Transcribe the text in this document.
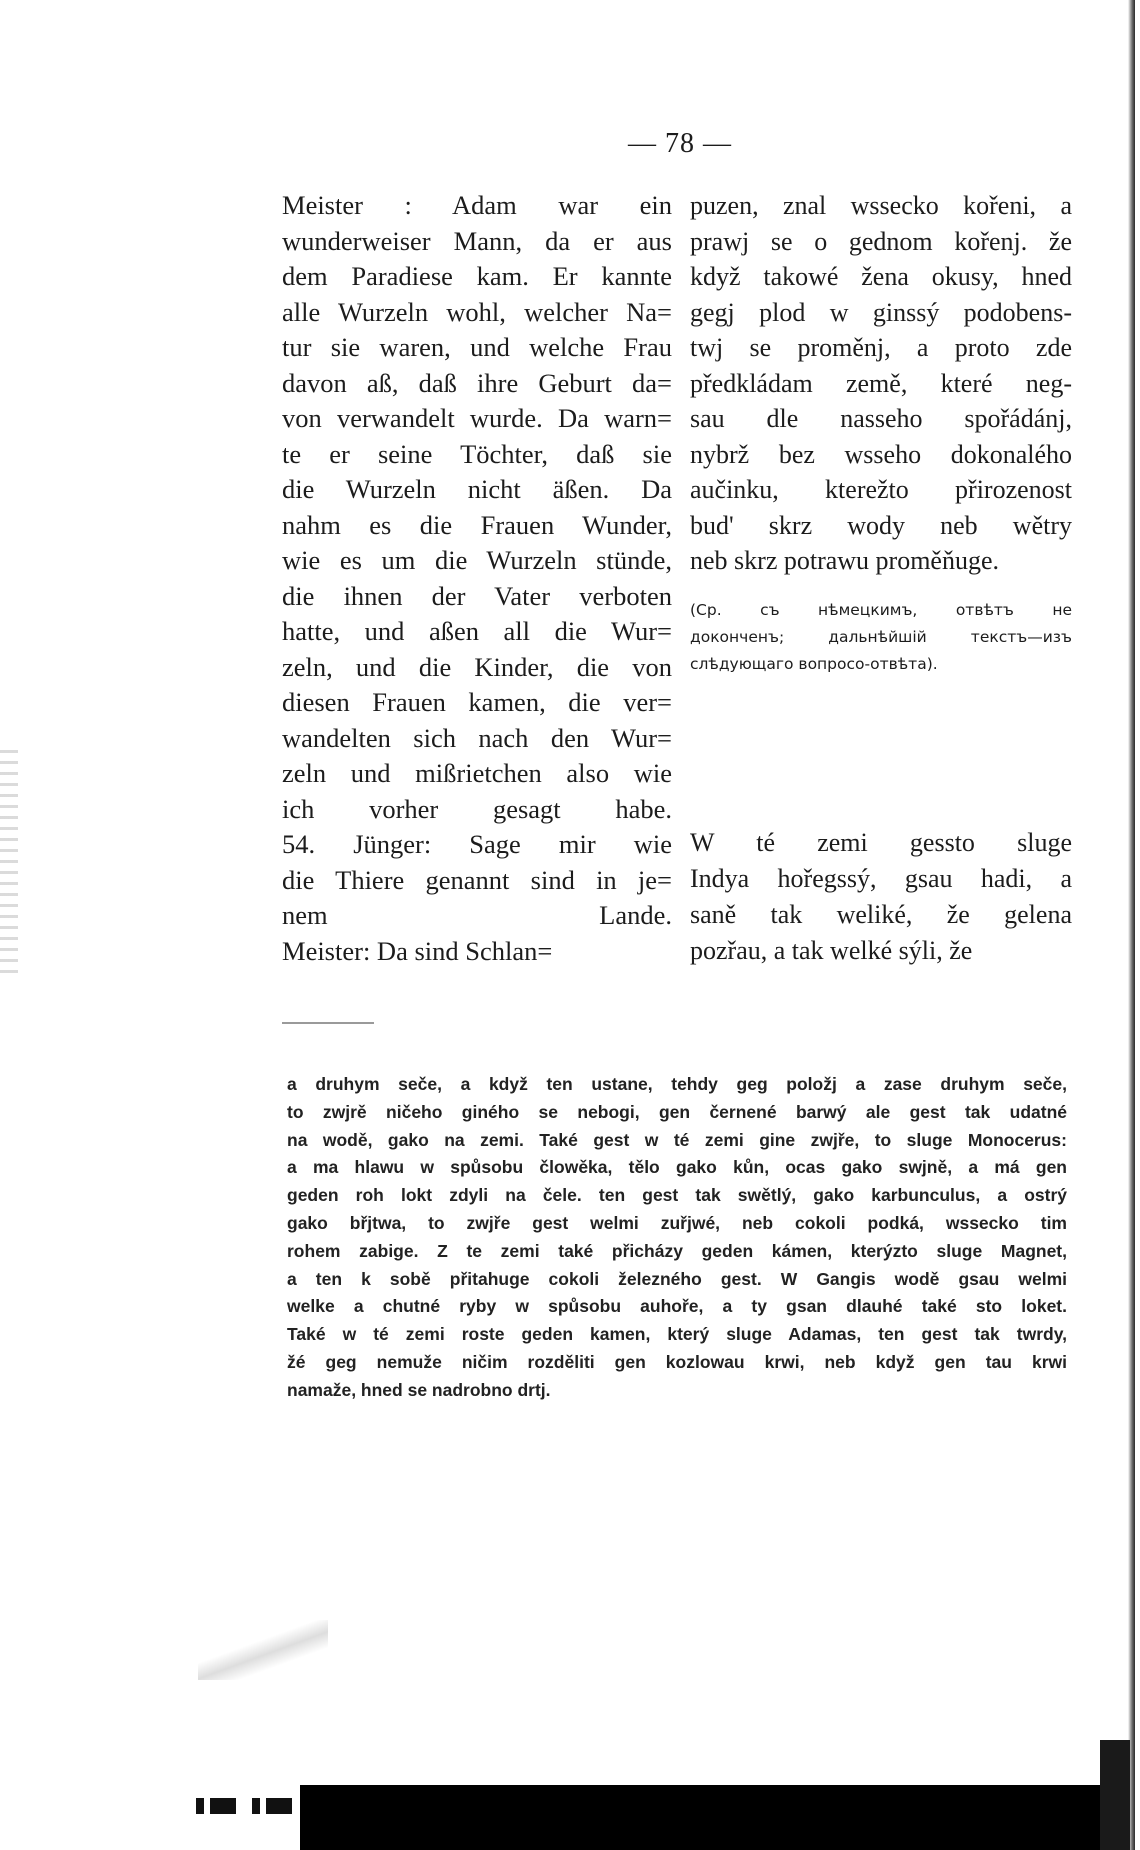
— 78 —
Meister : Adam war ein
wunderweiser Mann, da er aus
dem Paradiese kam. Er kannte
alle Wurzeln wohl, welcher Na=
tur sie waren, und welche Frau
davon aß, daß ihre Geburt da=
von verwandelt wurde. Da warn=
te er seine Töchter, daß sie
die Wurzeln nicht äßen. Da
nahm es die Frauen Wunder,
wie es um die Wurzeln stünde,
die ihnen der Vater verboten
hatte, und aßen all die Wur=
zeln, und die Kinder, die von
diesen Frauen kamen, die ver=
wandelten sich nach den Wur=
zeln und mißrietchen also wie
ich vorher gesagt habe.
54. Jünger: Sage mir wie
die Thiere genannt sind in je=
nem Lande.
Meister: Da sind Schlan=
puzen, znal wssecko kořeni, a
prawj se o gednom kořenj. že
když takowé žena okusy, hned
gegj plod w ginssý podobens-
twj se proměnj, a proto zde
předkládam země, které neg-
sau dle nasseho spořádánj,
nybrž bez wsseho dokonalého
aučinku, kterežto přirozenost
bud' skrz wody neb wětry
neb skrz potrawu proměňuge.
(Ср. съ нѣмецкимъ, отвѣтъ не
доконченъ; дальнѣйшiй текстъ—изъ
слѣдующаго вопросо-отвѣта).
W té zemi gessto sluge
Indya hořegssý, gsau hadi, a
saně tak weliké, že gelena
pozřau, a tak welké sýli, že
a druhym seče, a když ten ustane, tehdy geg položj a zase druhym seče,
to zwjrě ničeho giného se nebogi, gen černené barwý ale gest tak udatné
na wodě, gako na zemi. Také gest w té zemi gine zwjře, to sluge Monocerus:
a ma hlawu w spůsobu člowěka, tělo gako kůn, ocas gako swjně, a má gen
geden roh lokt zdyli na čele. ten gest tak swětlý, gako karbunculus, a ostrý
gako břjtwa, to zwjře gest welmi zuřjwé, neb cokoli podká, wssecko tim
rohem zabige. Z te zemi také přicházy geden kámen, kterýzto sluge Magnet,
a ten k sobě přitahuge cokoli železného gest. W Gangis wodě gsau welmi
welke a chutné ryby w spůsobu auhoře, a ty gsan dlauhé také sto loket.
Také w té zemi roste geden kamen, který sluge Adamas, ten gest tak twrdy,
žé geg nemuže ničim rozděliti gen kozlowau krwi, neb když gen tau krwi
namaže, hned se nadrobno drtj.
